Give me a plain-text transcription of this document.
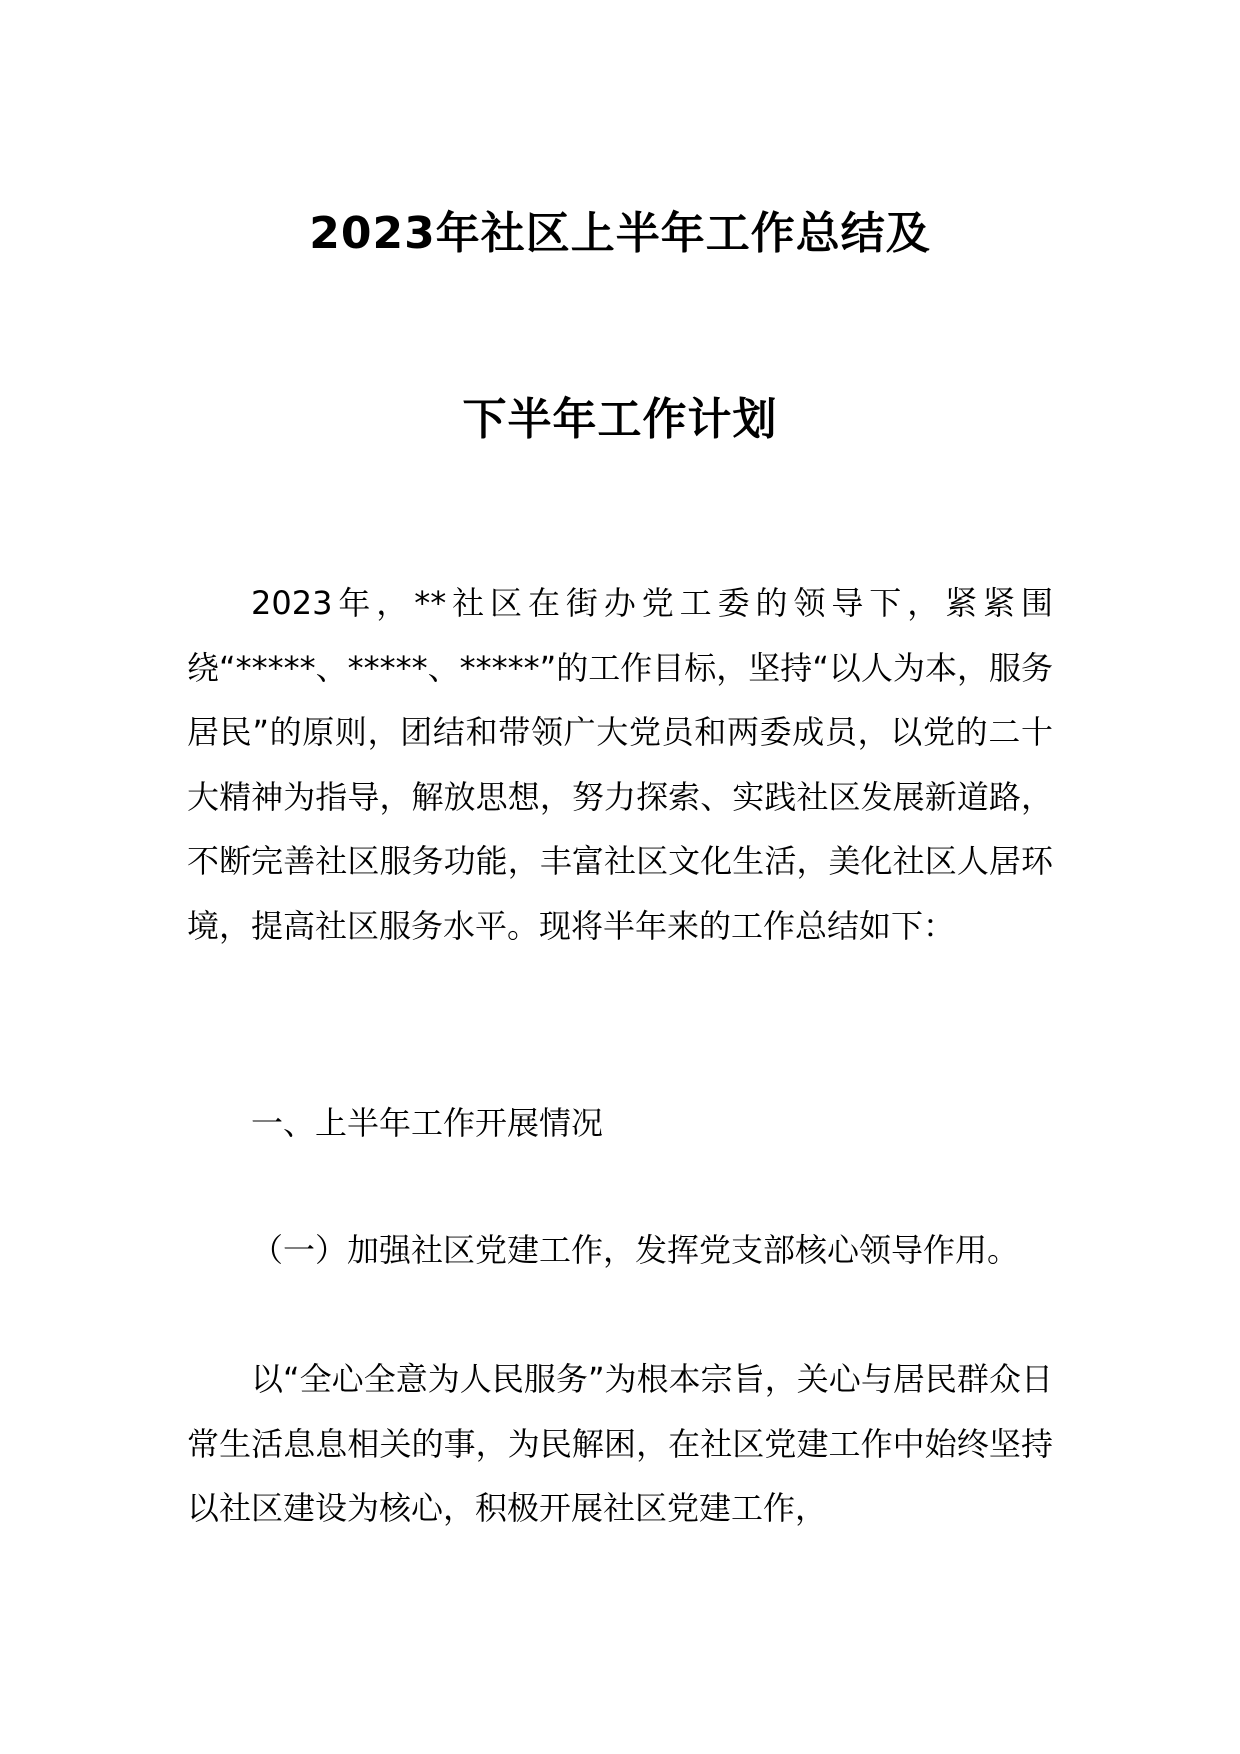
2023年社区上半年工作总结及
下半年工作计划
2023年，**社区在街办党工委的领导下，紧紧围绕“*****、*****、*****”的工作目标，坚持“以人为本，服务居民”的原则，团结和带领广大党员和两委成员，以党的二十大精神为指导，解放思想，努力探索、实践社区发展新道路，不断完善社区服务功能，丰富社区文化生活，美化社区人居环境，提高社区服务水平。现将半年来的工作总结如下：
一、上半年工作开展情况
（一）加强社区党建工作，发挥党支部核心领导作用。
以“全心全意为人民服务”为根本宗旨，关心与居民群众日常生活息息相关的事，为民解困，在社区党建工作中始终坚持以社区建设为核心，积极开展社区党建工作，
